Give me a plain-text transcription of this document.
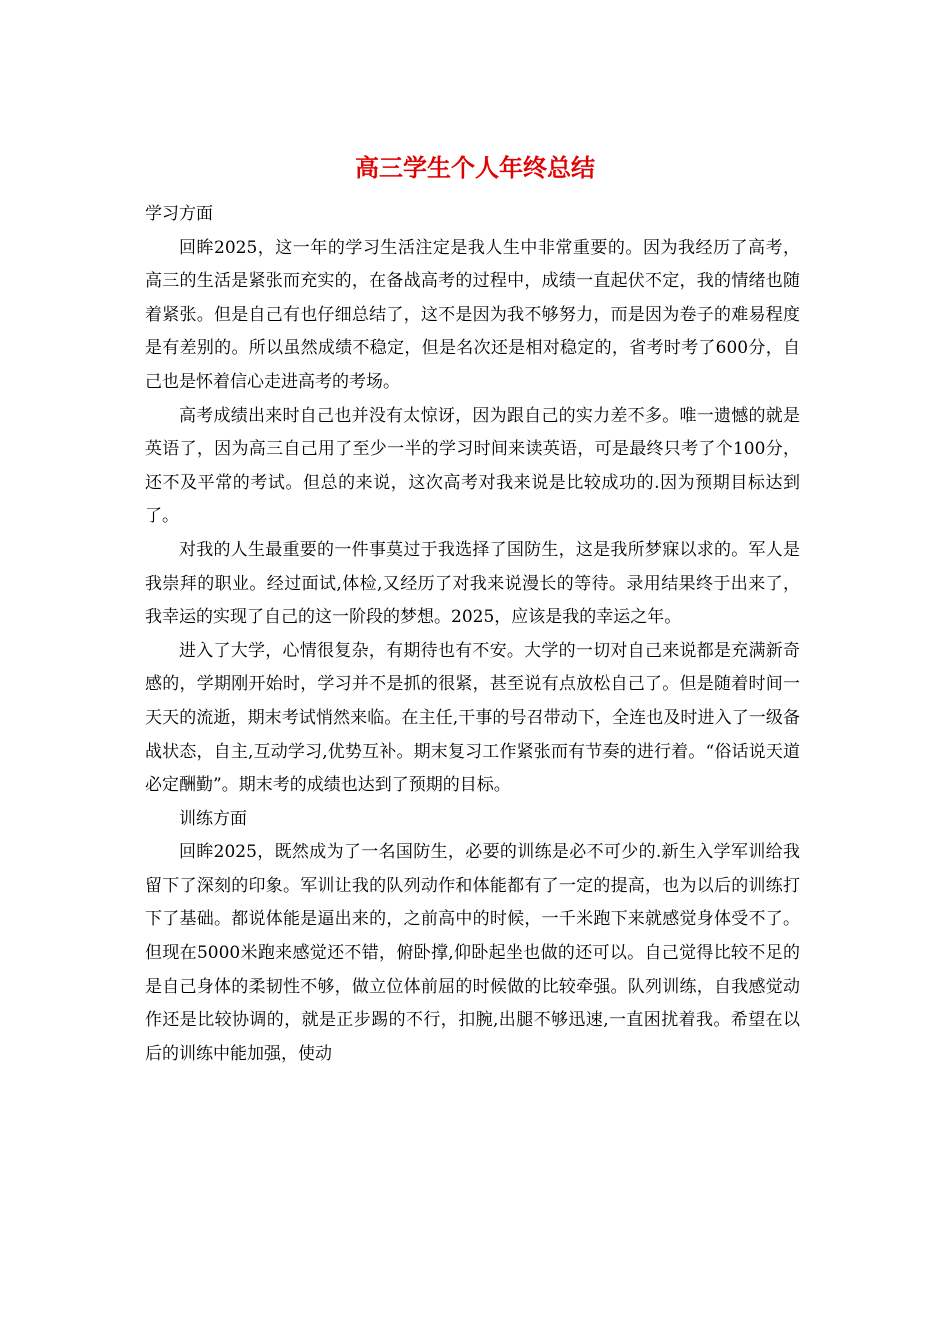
高三学生个人年终总结

学习方面

回眸2025，这一年的学习生活注定是我人生中非常重要的。因为我经历了高考，高三的生活是紧张而充实的，在备战高考的过程中，成绩一直起伏不定，我的情绪也随着紧张。但是自己有也仔细总结了，这不是因为我不够努力，而是因为卷子的难易程度是有差别的。所以虽然成绩不稳定，但是名次还是相对稳定的，省考时考了600分，自己也是怀着信心走进高考的考场。

高考成绩出来时自己也并没有太惊讶，因为跟自己的实力差不多。唯一遗憾的就是英语了，因为高三自己用了至少一半的学习时间来读英语，可是最终只考了个100分，还不及平常的考试。但总的来说，这次高考对我来说是比较成功的.因为预期目标达到了。

对我的人生最重要的一件事莫过于我选择了国防生，这是我所梦寐以求的。军人是我崇拜的职业。经过面试,体检,又经历了对我来说漫长的等待。录用结果终于出来了，我幸运的实现了自己的这一阶段的梦想。2025，应该是我的幸运之年。

进入了大学，心情很复杂，有期待也有不安。大学的一切对自己来说都是充满新奇感的，学期刚开始时，学习并不是抓的很紧，甚至说有点放松自己了。但是随着时间一天天的流逝，期末考试悄然来临。在主任,干事的号召带动下，全连也及时进入了一级备战状态，自主,互动学习,优势互补。期末复习工作紧张而有节奏的进行着。“俗话说天道必定酬勤”。期末考的成绩也达到了预期的目标。

训练方面

回眸2025，既然成为了一名国防生，必要的训练是必不可少的.新生入学军训给我留下了深刻的印象。军训让我的队列动作和体能都有了一定的提高，也为以后的训练打下了基础。都说体能是逼出来的，之前高中的时候，一千米跑下来就感觉身体受不了。但现在5000米跑来感觉还不错，俯卧撑,仰卧起坐也做的还可以。自己觉得比较不足的是自己身体的柔韧性不够，做立位体前屈的时候做的比较牵强。队列训练，自我感觉动作还是比较协调的，就是正步踢的不行，扣腕,出腿不够迅速,一直困扰着我。希望在以后的训练中能加强，使动
